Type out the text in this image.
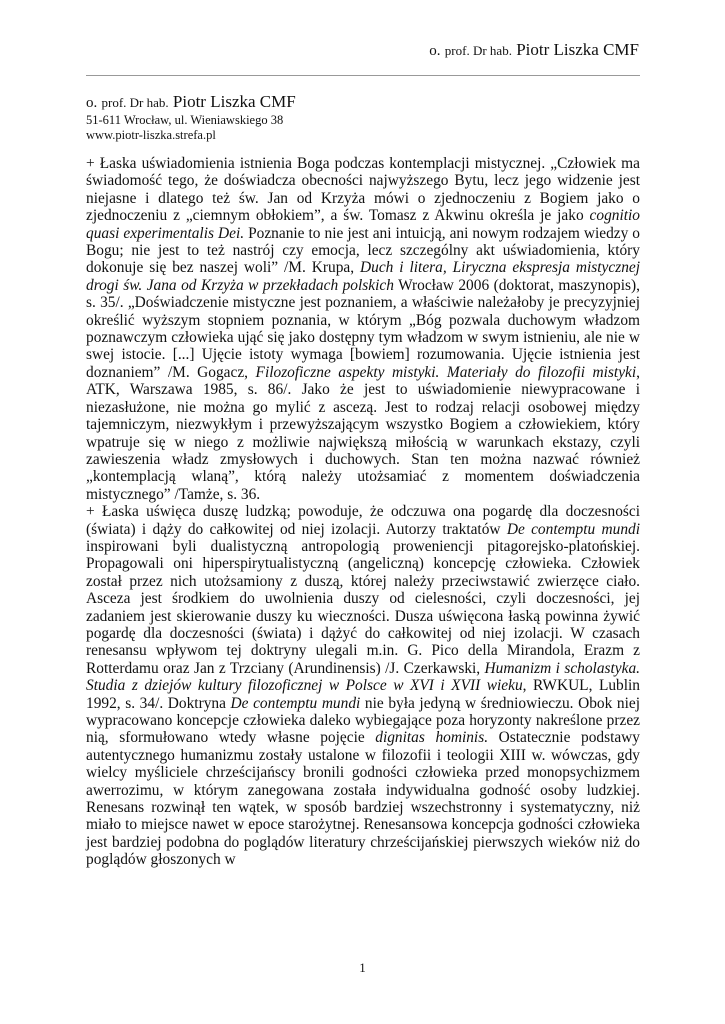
o. prof. Dr hab. Piotr Liszka CMF
o. prof. Dr hab. Piotr Liszka CMF
51-611 Wrocław, ul. Wieniawskiego 38
www.piotr-liszka.strefa.pl

+ Łaska uświadomienia istnienia Boga podczas kontemplacji mistycznej. „Człowiek ma świadomość tego, że doświadcza obecności najwyższego Bytu, lecz jego widzenie jest niejasne i dlatego też św. Jan od Krzyża mówi o zjednoczeniu z Bogiem jako o zjednoczeniu z „ciemnym obłokiem”, a św. Tomasz z Akwinu określa je jako cognitio quasi experimentalis Dei. Poznanie to nie jest ani intuicją, ani nowym rodzajem wiedzy o Bogu; nie jest to też nastrój czy emocja, lecz szczególny akt uświadomienia, który dokonuje się bez naszej woli” /M. Krupa, Duch i litera, Liryczna ekspresja mistycznej drogi św. Jana od Krzyża w przekładach polskich Wrocław 2006 (doktorat, maszynopis), s. 35/. „Doświadczenie mistyczne jest poznaniem, a właściwie należałoby je precyzyjniej określić wyższym stopniem poznania, w którym „Bóg pozwala duchowym władzom poznawczym człowieka ująć się jako dostępny tym władzom w swym istnieniu, ale nie w swej istocie. [...] Ujęcie istoty wymaga [bowiem] rozumowania. Ujęcie istnienia jest doznaniem” /M. Gogacz, Filozoficzne aspekty mistyki. Materiały do filozofii mistyki, ATK, Warszawa 1985, s. 86/. Jako że jest to uświadomienie niewypracowane i niezasłużone, nie można go mylić z ascezą. Jest to rodzaj relacji osobowej między tajemniczym, niezwykłym i przewyższającym wszystko Bogiem a człowiekiem, który wpatruje się w niego z możliwie największą miłością w warunkach ekstazy, czyli zawieszenia władz zmysłowych i duchowych. Stan ten można nazwać również „kontemplacją wlaną”, którą należy utożsamiać z momentem doświadczenia mistycznego” /Tamże, s. 36.

+ Łaska uświęca duszę ludzką; powoduje, że odczuwa ona pogardę dla doczesności (świata) i dąży do całkowitej od niej izolacji. Autorzy traktatów De contemptu mundi inspirowani byli dualistyczną antropologią proweniencji pitagorejsko-platońskiej. Propagowali oni hiperspirytualistyczną (angeliczną) koncepcję człowieka. Człowiek został przez nich utożsamiony z duszą, której należy przeciwstawić zwierzęce ciało. Asceza jest środkiem do uwolnienia duszy od cielesności, czyli doczesności, jej zadaniem jest skierowanie duszy ku wieczności. Dusza uświęcona łaską powinna żywić pogardę dla doczesności (świata) i dążyć do całkowitej od niej izolacji. W czasach renesansu wpływom tej doktryny ulegali m.in. G. Pico della Mirandola, Erazm z Rotterdamu oraz Jan z Trzciany (Arundinensis) /J. Czerkawski, Humanizm i scholastyka. Studia z dziejów kultury filozoficznej w Polsce w XVI i XVII wieku, RWKUL, Lublin 1992, s. 34/. Doktryna De contemptu mundi nie była jedyną w średniowieczu. Obok niej wypracowano koncepcje człowieka daleko wybiegające poza horyzonty nakreślone przez nią, sformułowano wtedy własne pojęcie dignitas hominis. Ostatecznie podstawy autentycznego humanizmu zostały ustalone w filozofii i teologii XIII w. wówczas, gdy wielcy myśliciele chrześcijańscy bronili godności człowieka przed monopsychizmem awerrozimu, w którym zanegowana została indywidualna godność osoby ludzkiej. Renesans rozwinął ten wątek, w sposób bardziej wszechstronny i systematyczny, niż miało to miejsce nawet w epoce starożytnej. Renesansowa koncepcja godności człowieka jest bardziej podobna do poglądów literatury chrześcijańskiej pierwszych wieków niż do poglądów głoszonych w

1
